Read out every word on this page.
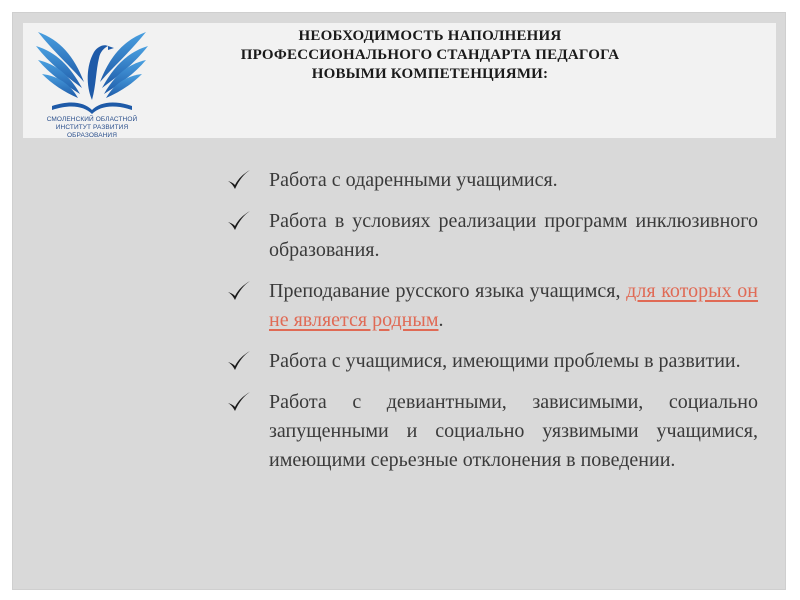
СМОЛЕНСКИЙ ОБЛАСТНОЙ
ИНСТИТУТ РАЗВИТИЯ ОБРАЗОВАНИЯ
НЕОБХОДИМОСТЬ НАПОЛНЕНИЯ
ПРОФЕССИОНАЛЬНОГО СТАНДАРТА ПЕДАГОГА
НОВЫМИ КОМПЕТЕНЦИЯМИ:
Работа с одаренными учащимися.
Работа в условиях реализации программ инклюзивного образования.
Преподавание русского языка учащимся, для которых он не является родным.
Работа с учащимися, имеющими проблемы в развитии.
Работа с девиантными, зависимыми, социально запущенными и социально уязвимыми учащимися, имеющими серьезные отклонения в поведении.
